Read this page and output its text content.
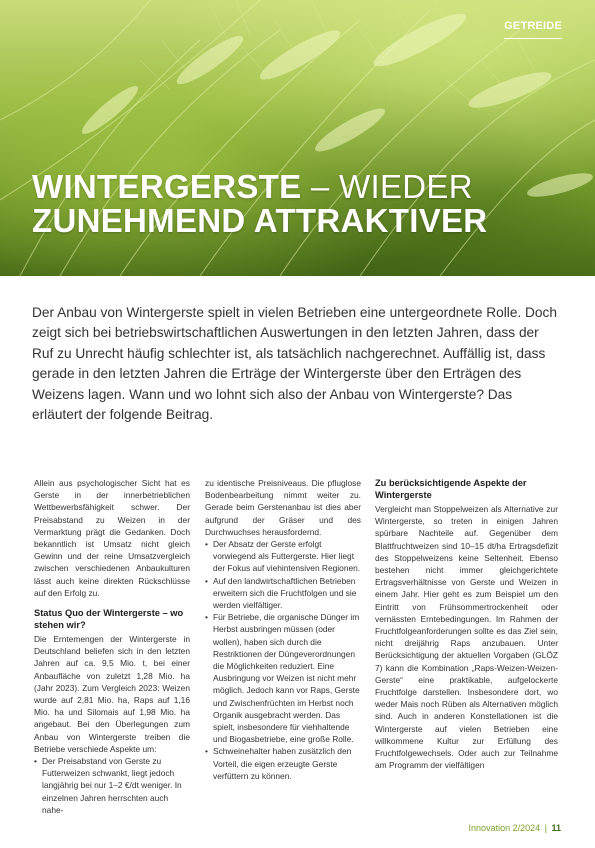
GETREIDE
WINTERGERSTE – WIEDER
ZUNEHMEND ATTRAKTIVER
Der Anbau von Wintergerste spielt in vielen Betrieben eine untergeordnete Rolle. Doch zeigt sich bei betriebswirtschaftlichen Auswertungen in den letzten Jahren, dass der Ruf zu Unrecht häufig schlechter ist, als tatsächlich nachgerechnet. Auffällig ist, dass gerade in den letzten Jahren die Erträge der Wintergerste über den Erträgen des Weizens lagen. Wann und wo lohnt sich also der Anbau von Wintergerste? Das erläutert der folgende Beitrag.

Allein aus psychologischer Sicht hat es Gerste in der innerbetrieblichen Wettbewerbsfähigkeit schwer. Der Preisabstand zu Weizen in der Vermarktung prägt die Gedanken. Doch bekanntlich ist Umsatz nicht gleich Gewinn und der reine Umsatzvergleich zwischen verschiedenen Anbaukulturen lässt auch keine direkten Rückschlüsse auf den Erfolg zu.

Status Quo der Wintergerste – wo stehen wir?

Die Erntemengen der Wintergerste in Deutschland beliefen sich in den letzten Jahren auf ca. 9,5 Mio. t, bei einer Anbaufläche von zuletzt 1,28 Mio. ha (Jahr 2023). Zum Vergleich 2023: Weizen wurde auf 2,81 Mio. ha, Raps auf 1,16 Mio. ha und Silomais auf 1,98 Mio. ha angebaut. Bei den Überlegungen zum Anbau von Wintergerste treiben die Betriebe verschiede Aspekte um:

• Der Preisabstand von Gerste zu Futterweizen schwankt, liegt jedoch langjährig bei nur 1–2 €/dt weniger. In einzelnen Jahren herrschten auch nahe-

zu identische Preisniveaus. Die pfluglose Bodenbearbeitung nimmt weiter zu. Gerade beim Gerstenanbau ist dies aber aufgrund der Gräser und des Durchwuchses herausfordernd.

• Der Absatz der Gerste erfolgt vorwiegend als Futtergerste. Hier liegt der Fokus auf viehintensiven Regionen.
• Auf den landwirtschaftlichen Betrieben erweitern sich die Fruchtfolgen und sie werden vielfältiger.
• Für Betriebe, die organische Dünger im Herbst ausbringen müssen (oder wollen), haben sich durch die Restriktionen der Düngeverordnungen die Möglichkeiten reduziert. Eine Ausbringung vor Weizen ist nicht mehr möglich. Jedoch kann vor Raps, Gerste und Zwischenfrüchten im Herbst noch Organik ausgebracht werden. Das spielt, insbesondere für viehhaltende und Biogasbetriebe, eine große Rolle.
• Schweinehalter haben zusätzlich den Vorteil, die eigen erzeugte Gerste verfüttern zu können.
Zu berücksichtigende Aspekte der Wintergerste

Vergleicht man Stoppelweizen als Alternative zur Wintergerste, so treten in einigen Jahren spürbare Nachteile auf. Gegenüber dem Blattfruchtweizen sind 10–15 dt/ha Ertragsdefizit des Stoppelweizens keine Seltenheit. Ebenso bestehen nicht immer gleichgerichtete Ertragsverhältnisse von Gerste und Weizen in einem Jahr. Hier geht es zum Beispiel um den Eintritt von Frühsommertrockenheit oder vernässten Erntebedingungen. Im Rahmen der Fruchtfolgeanforderungen sollte es das Ziel sein, nicht dreijährig Raps anzubauen. Unter Berücksichtigung der aktuellen Vorgaben (GLÖZ 7) kann die Kombination „Raps-Weizen-Weizen-Gerste“ eine praktikable, aufgelockerte Fruchtfolge darstellen. Insbesondere dort, wo weder Mais noch Rüben als Alternativen möglich sind. Auch in anderen Konstellationen ist die Wintergerste auf vielen Betrieben eine willkommene Kultur zur Erfüllung des Fruchtfolgewechsels. Oder auch zur Teilnahme am Programm der vielfältigen

Innovation 2/2024 | 11
